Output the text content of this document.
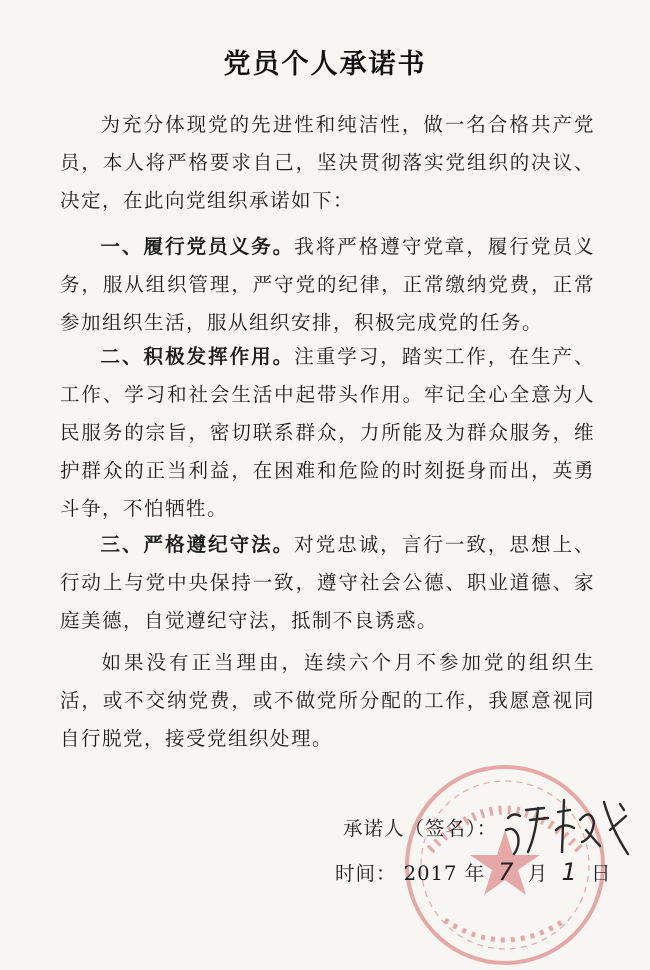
党员个人承诺书
为充分体现党的先进性和纯洁性，做一名合格共产党员，本人将严格要求自己，坚决贯彻落实党组织的决议、决定，在此向党组织承诺如下：
一、履行党员义务。我将严格遵守党章，履行党员义务，服从组织管理，严守党的纪律，正常缴纳党费，正常参加组织生活，服从组织安排，积极完成党的任务。
二、积极发挥作用。注重学习，踏实工作，在生产、工作、学习和社会生活中起带头作用。牢记全心全意为人民服务的宗旨，密切联系群众，力所能及为群众服务，维护群众的正当利益，在困难和危险的时刻挺身而出，英勇斗争，不怕牺牲。
三、严格遵纪守法。对党忠诚，言行一致，思想上、行动上与党中央保持一致，遵守社会公德、职业道德、家庭美德，自觉遵纪守法，抵制不良诱惑。
如果没有正当理由，连续六个月不参加党的组织生活，或不交纳党费，或不做党所分配的工作，我愿意视同自行脱党，接受党组织处理。
承诺人（签名）：
时间： 2017 年 7 月 1 日
